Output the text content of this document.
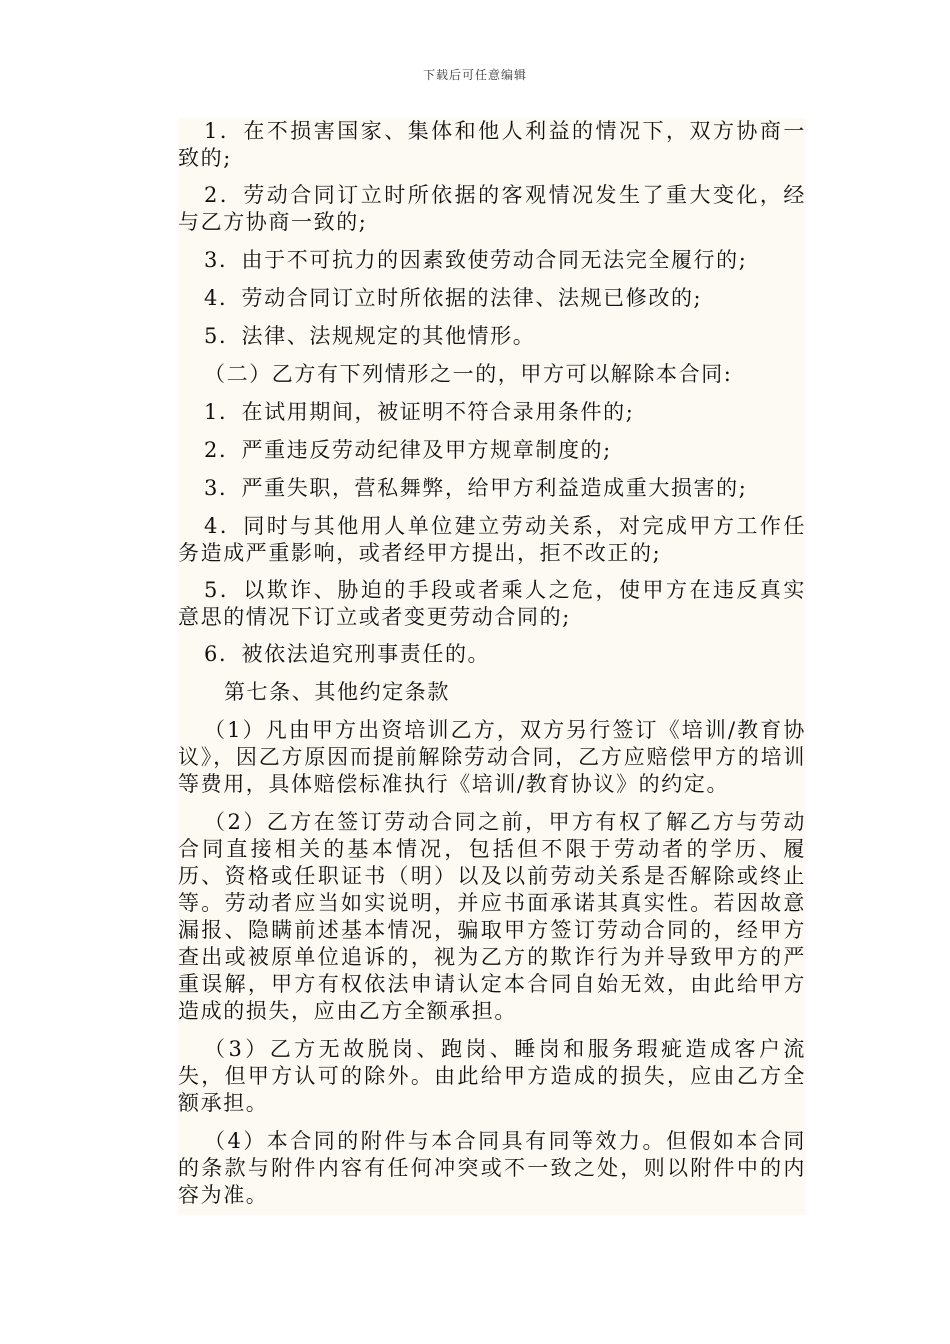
下载后可任意编辑

1．在不损害国家、集体和他人利益的情况下，双方协商一致的;

2．劳动合同订立时所依据的客观情况发生了重大变化，经与乙方协商一致的;

3．由于不可抗力的因素致使劳动合同无法完全履行的;

4．劳动合同订立时所依据的法律、法规已修改的;

5．法律、法规规定的其他情形。

（二）乙方有下列情形之一的，甲方可以解除本合同:

1．在试用期间，被证明不符合录用条件的;

2．严重违反劳动纪律及甲方规章制度的;

3．严重失职，营私舞弊，给甲方利益造成重大损害的;

4．同时与其他用人单位建立劳动关系，对完成甲方工作任务造成严重影响，或者经甲方提出，拒不改正的;

5．以欺诈、胁迫的手段或者乘人之危，使甲方在违反真实意思的情况下订立或者变更劳动合同的;

6．被依法追究刑事责任的。

第七条、其他约定条款

（1）凡由甲方出资培训乙方，双方另行签订《培训/教育协议》，因乙方原因而提前解除劳动合同，乙方应赔偿甲方的培训等费用，具体赔偿标准执行《培训/教育协议》的约定。

（2）乙方在签订劳动合同之前，甲方有权了解乙方与劳动合同直接相关的基本情况，包括但不限于劳动者的学历、履历、资格或任职证书（明）以及以前劳动关系是否解除或终止等。劳动者应当如实说明，并应书面承诺其真实性。若因故意漏报、隐瞒前述基本情况，骗取甲方签订劳动合同的，经甲方查出或被原单位追诉的，视为乙方的欺诈行为并导致甲方的严重误解，甲方有权依法申请认定本合同自始无效，由此给甲方造成的损失，应由乙方全额承担。

（3）乙方无故脱岗、跑岗、睡岗和服务瑕疵造成客户流失，但甲方认可的除外。由此给甲方造成的损失，应由乙方全额承担。

（4）本合同的附件与本合同具有同等效力。但假如本合同的条款与附件内容有任何冲突或不一致之处，则以附件中的内容为准。
